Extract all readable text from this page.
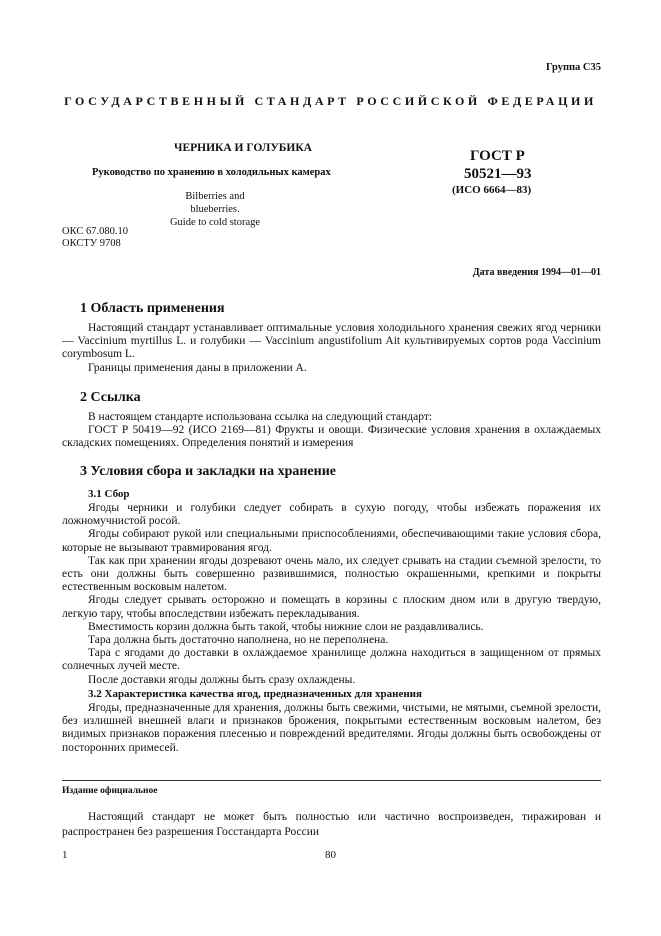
Группа С35
ГОСУДАРСТВЕННЫЙ СТАНДАРТ РОССИЙСКОЙ ФЕДЕРАЦИИ
ЧЕРНИКА И ГОЛУБИКА
Руководство по хранению в холодильных камерах
Bilberries and blueberries.
Guide to cold storage
ГОСТ Р
50521—93
(ИСО 6664—83)
ОКС 67.080.10
ОКСТУ 9708
Дата введения 1994—01—01
1 Область применения
Настоящий стандарт устанавливает оптимальные условия холодильного хранения свежих ягод черники — Vaccinium myrtillus L. и голубики — Vaccinium angustifolium Ait культивируемых сортов рода Vaccinium corymbosum L.
Границы применения даны в приложении А.
2 Ссылка
В настоящем стандарте использована ссылка на следующий стандарт:
ГОСТ Р 50419—92 (ИСО 2169—81) Фрукты и овощи. Физические условия хранения в охлаждаемых складских помещениях. Определения понятий и измерения
3 Условия сбора и закладки на хранение
3.1 Сбор
Ягоды черники и голубики следует собирать в сухую погоду, чтобы избежать поражения их ложномучнистой росой.
Ягоды собирают рукой или специальными приспособлениями, обеспечивающими такие условия сбора, которые не вызывают травмирования ягод.
Так как при хранении ягоды дозревают очень мало, их следует срывать на стадии съемной зрелости, то есть они должны быть совершенно развившимися, полностью окрашенными, крепкими и покрыты естественным восковым налетом.
Ягоды следует срывать осторожно и помещать в корзины с плоским дном или в другую твердую, легкую тару, чтобы впоследствии избежать перекладывания.
Вместимость корзин должна быть такой, чтобы нижние слои не раздавливались.
Тара должна быть достаточно наполнена, но не переполнена.
Тара с ягодами до доставки в охлаждаемое хранилище должна находиться в защищенном от прямых солнечных лучей месте.
После доставки ягоды должны быть сразу охлаждены.
3.2 Характеристика качества ягод, предназначенных для хранения
Ягоды, предназначенные для хранения, должны быть свежими, чистыми, не мятыми, съемной зрелости, без излишней внешней влаги и признаков брожения, покрытыми естественным восковым налетом, без видимых признаков поражения плесенью и повреждений вредителями. Ягоды должны быть освобождены от посторонних примесей.
Издание официальное
Настоящий стандарт не может быть полностью или частично воспроизведен, тиражирован и распространен без разрешения Госстандарта России
1	80
